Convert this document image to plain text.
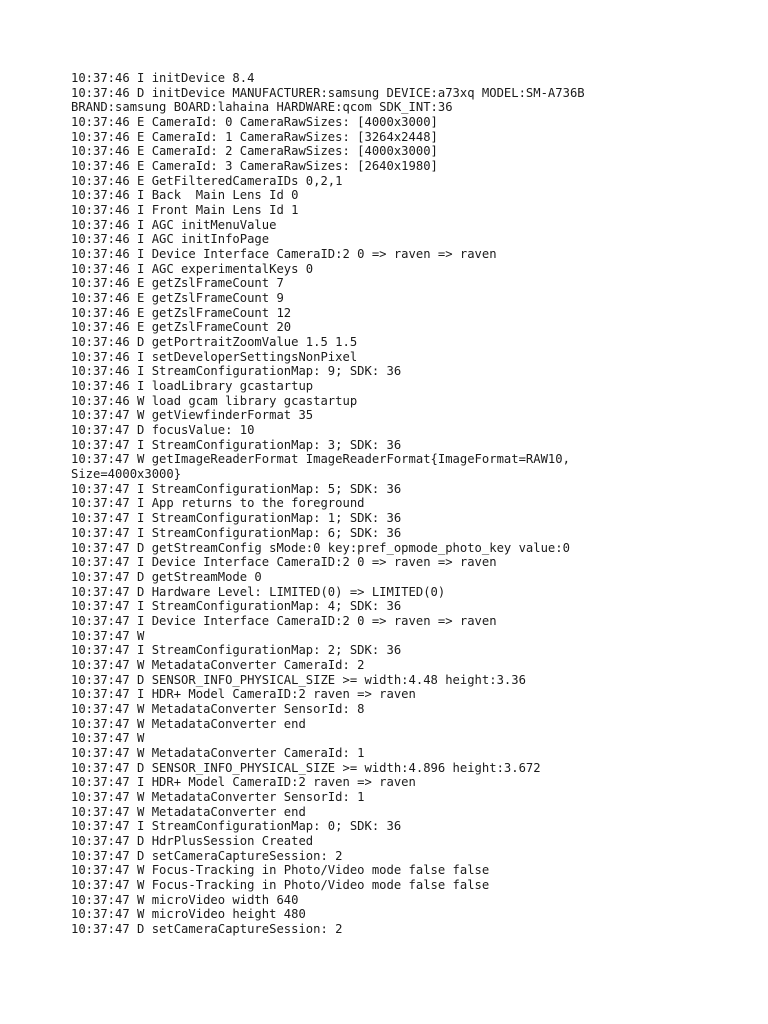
10:37:46 I initDevice 8.4
10:37:46 D initDevice MANUFACTURER:samsung DEVICE:a73xq MODEL:SM-A736B
BRAND:samsung BOARD:lahaina HARDWARE:qcom SDK_INT:36
10:37:46 E CameraId: 0 CameraRawSizes: [4000x3000]
10:37:46 E CameraId: 1 CameraRawSizes: [3264x2448]
10:37:46 E CameraId: 2 CameraRawSizes: [4000x3000]
10:37:46 E CameraId: 3 CameraRawSizes: [2640x1980]
10:37:46 E GetFilteredCameraIDs 0,2,1
10:37:46 I Back  Main Lens Id 0
10:37:46 I Front Main Lens Id 1
10:37:46 I AGC initMenuValue
10:37:46 I AGC initInfoPage
10:37:46 I Device Interface CameraID:2 0 => raven => raven
10:37:46 I AGC experimentalKeys 0
10:37:46 E getZslFrameCount 7
10:37:46 E getZslFrameCount 9
10:37:46 E getZslFrameCount 12
10:37:46 E getZslFrameCount 20
10:37:46 D getPortraitZoomValue 1.5 1.5
10:37:46 I setDeveloperSettingsNonPixel
10:37:46 I StreamConfigurationMap: 9; SDK: 36
10:37:46 I loadLibrary gcastartup
10:37:46 W load gcam library gcastartup
10:37:47 W getViewfinderFormat 35
10:37:47 D focusValue: 10
10:37:47 I StreamConfigurationMap: 3; SDK: 36
10:37:47 W getImageReaderFormat ImageReaderFormat{ImageFormat=RAW10,
Size=4000x3000}
10:37:47 I StreamConfigurationMap: 5; SDK: 36
10:37:47 I App returns to the foreground
10:37:47 I StreamConfigurationMap: 1; SDK: 36
10:37:47 I StreamConfigurationMap: 6; SDK: 36
10:37:47 D getStreamConfig sMode:0 key:pref_opmode_photo_key value:0
10:37:47 I Device Interface CameraID:2 0 => raven => raven
10:37:47 D getStreamMode 0
10:37:47 D Hardware Level: LIMITED(0) => LIMITED(0)
10:37:47 I StreamConfigurationMap: 4; SDK: 36
10:37:47 I Device Interface CameraID:2 0 => raven => raven
10:37:47 W
10:37:47 I StreamConfigurationMap: 2; SDK: 36
10:37:47 W MetadataConverter CameraId: 2
10:37:47 D SENSOR_INFO_PHYSICAL_SIZE >= width:4.48 height:3.36
10:37:47 I HDR+ Model CameraID:2 raven => raven
10:37:47 W MetadataConverter SensorId: 8
10:37:47 W MetadataConverter end
10:37:47 W
10:37:47 W MetadataConverter CameraId: 1
10:37:47 D SENSOR_INFO_PHYSICAL_SIZE >= width:4.896 height:3.672
10:37:47 I HDR+ Model CameraID:2 raven => raven
10:37:47 W MetadataConverter SensorId: 1
10:37:47 W MetadataConverter end
10:37:47 I StreamConfigurationMap: 0; SDK: 36
10:37:47 D HdrPlusSession Created
10:37:47 D setCameraCaptureSession: 2
10:37:47 W Focus-Tracking in Photo/Video mode false false
10:37:47 W Focus-Tracking in Photo/Video mode false false
10:37:47 W microVideo width 640
10:37:47 W microVideo height 480
10:37:47 D setCameraCaptureSession: 2
